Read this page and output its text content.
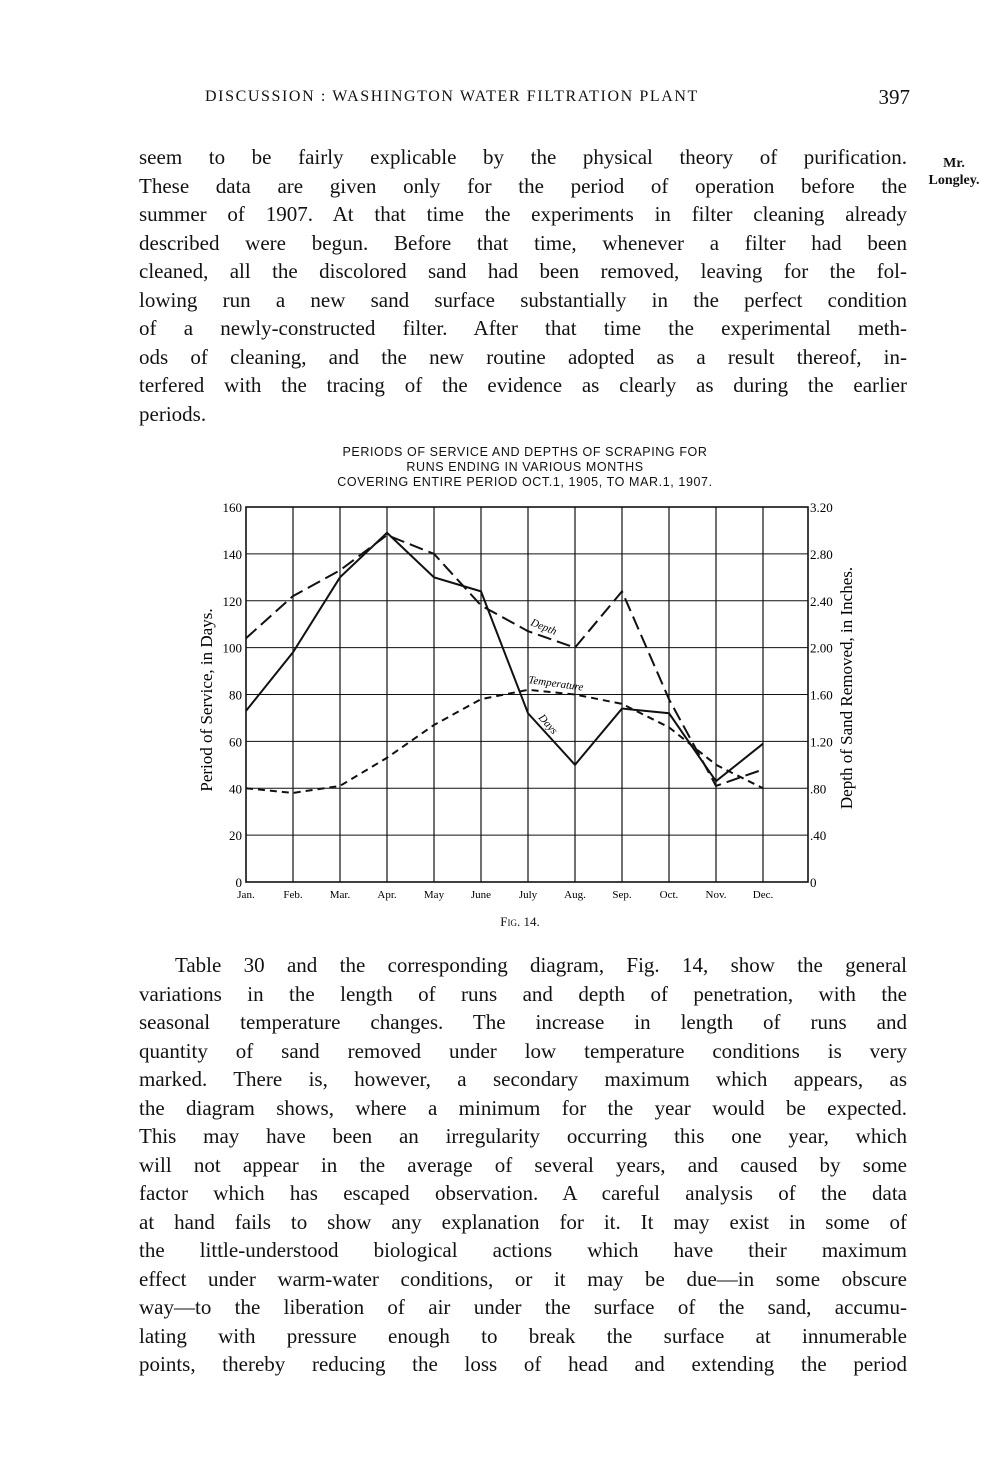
DISCUSSION : WASHINGTON WATER FILTRATION PLANT	397
Mr.
Longley.
seem to be fairly explicable by the physical theory of purification.
These data are given only for the period of operation before the
summer of 1907. At that time the experiments in filter cleaning already
described were begun. Before that time, whenever a filter had been
cleaned, all the discolored sand had been removed, leaving for the fol-
lowing run a new sand surface substantially in the perfect condition
of a newly-constructed filter. After that time the experimental meth-
ods of cleaning, and the new routine adopted as a result thereof, in-
terfered with the tracing of the evidence as clearly as during the earlier
periods.
PERIODS OF SERVICE AND DEPTHS OF SCRAPING FOR
RUNS ENDING IN VARIOUS MONTHS
COVERING ENTIRE PERIOD OCT.1, 1905, TO MAR.1, 1907.
Jan.	Feb. Mar. Apr. May June	July Aug. Sep.	Oct. Nov. Dec.
0
20
40
60
80
100
120
140
160
0
.40
.80
1.20
1.60
2.00
2.40
2.80
3.20
Period of Service, in Days.	Depth of Sand Removed, in Inches.
Depth
Temperature
Days
Fig. 14.
Table 30 and the corresponding diagram, Fig. 14, show the general
variations in the length of runs and depth of penetration, with the
seasonal temperature changes. The increase in length of runs and
quantity of sand removed under low temperature conditions is very
marked. There is, however, a secondary maximum which appears, as
the diagram shows, where a minimum for the year would be expected.
This may have been an irregularity occurring this one year, which
will not appear in the average of several years, and caused by some
factor which has escaped observation. A careful analysis of the data
at hand fails to show any explanation for it. It may exist in some of
the little-understood biological actions which have their maximum
effect under warm-water conditions, or it may be due—in some obscure
way—to the liberation of air under the surface of the sand, accumu-
lating with pressure enough to break the surface at innumerable
points, thereby reducing the loss of head and extending the period
